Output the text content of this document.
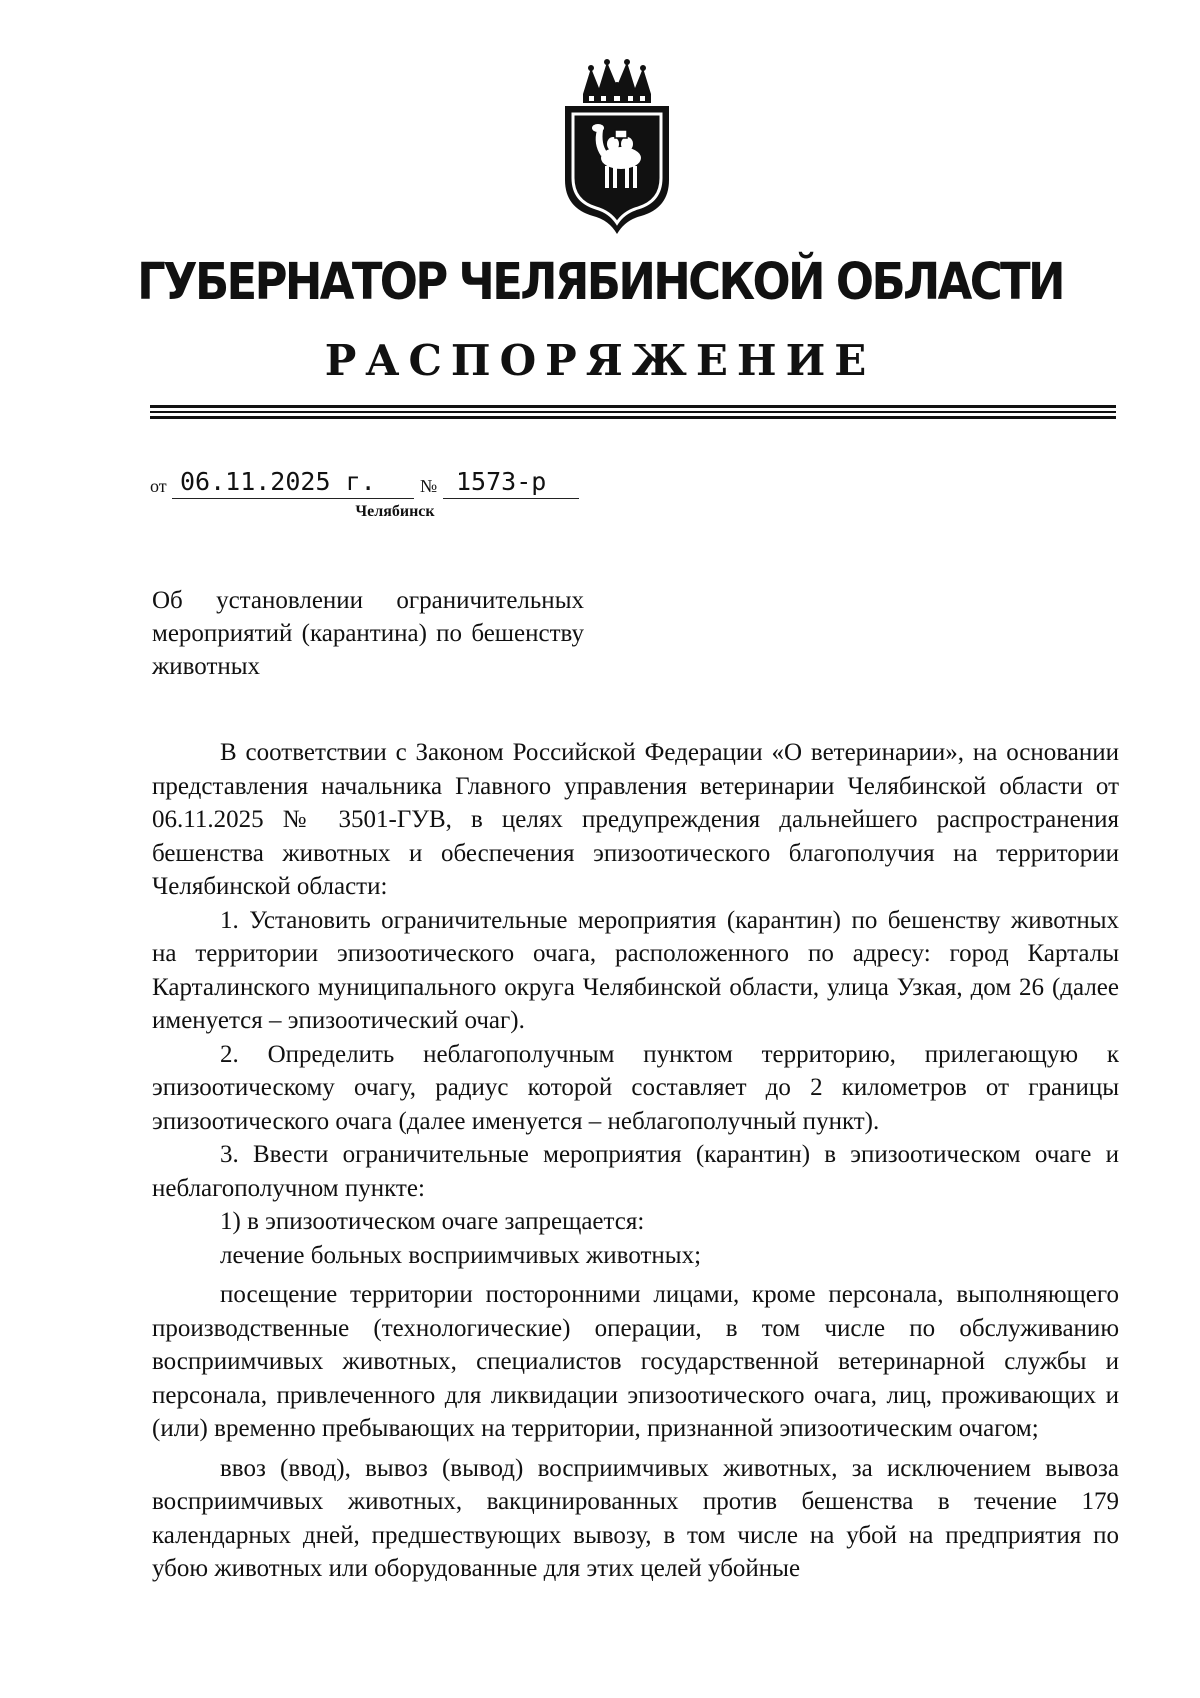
ГУБЕРНАТОР ЧЕЛЯБИНСКОЙ ОБЛАСТИ
РАСПОРЯЖЕНИЕ
от 06.11.2025 г. № 1573-р
Челябинск
Об установлении ограничительных мероприятий (карантина) по бешенству животных

В соответствии с Законом Российской Федерации «О ветеринарии», на основании представления начальника Главного управления ветеринарии Челябинской области от 06.11.2025 № 3501-ГУВ, в целях предупреждения дальнейшего распространения бешенства животных и обеспечения эпизоотического благополучия на территории Челябинской области:

1. Установить ограничительные мероприятия (карантин) по бешенству животных на территории эпизоотического очага, расположенного по адресу: город Карталы Карталинского муниципального округа Челябинской области, улица Узкая, дом 26 (далее именуется – эпизоотический очаг).

2. Определить неблагополучным пунктом территорию, прилегающую к эпизоотическому очагу, радиус которой составляет до 2 километров от границы эпизоотического очага (далее именуется – неблагополучный пункт).

3. Ввести ограничительные мероприятия (карантин) в эпизоотическом очаге и неблагополучном пункте:

1) в эпизоотическом очаге запрещается:

лечение больных восприимчивых животных;

посещение территории посторонними лицами, кроме персонала, выполняющего производственные (технологические) операции, в том числе по обслуживанию восприимчивых животных, специалистов государственной ветеринарной службы и персонала, привлеченного для ликвидации эпизоотического очага, лиц, проживающих и (или) временно пребывающих на территории, признанной эпизоотическим очагом;

ввоз (ввод), вывоз (вывод) восприимчивых животных, за исключением вывоза восприимчивых животных, вакцинированных против бешенства в течение 179 календарных дней, предшествующих вывозу, в том числе на убой на предприятия по убою животных или оборудованные для этих целей убойные
